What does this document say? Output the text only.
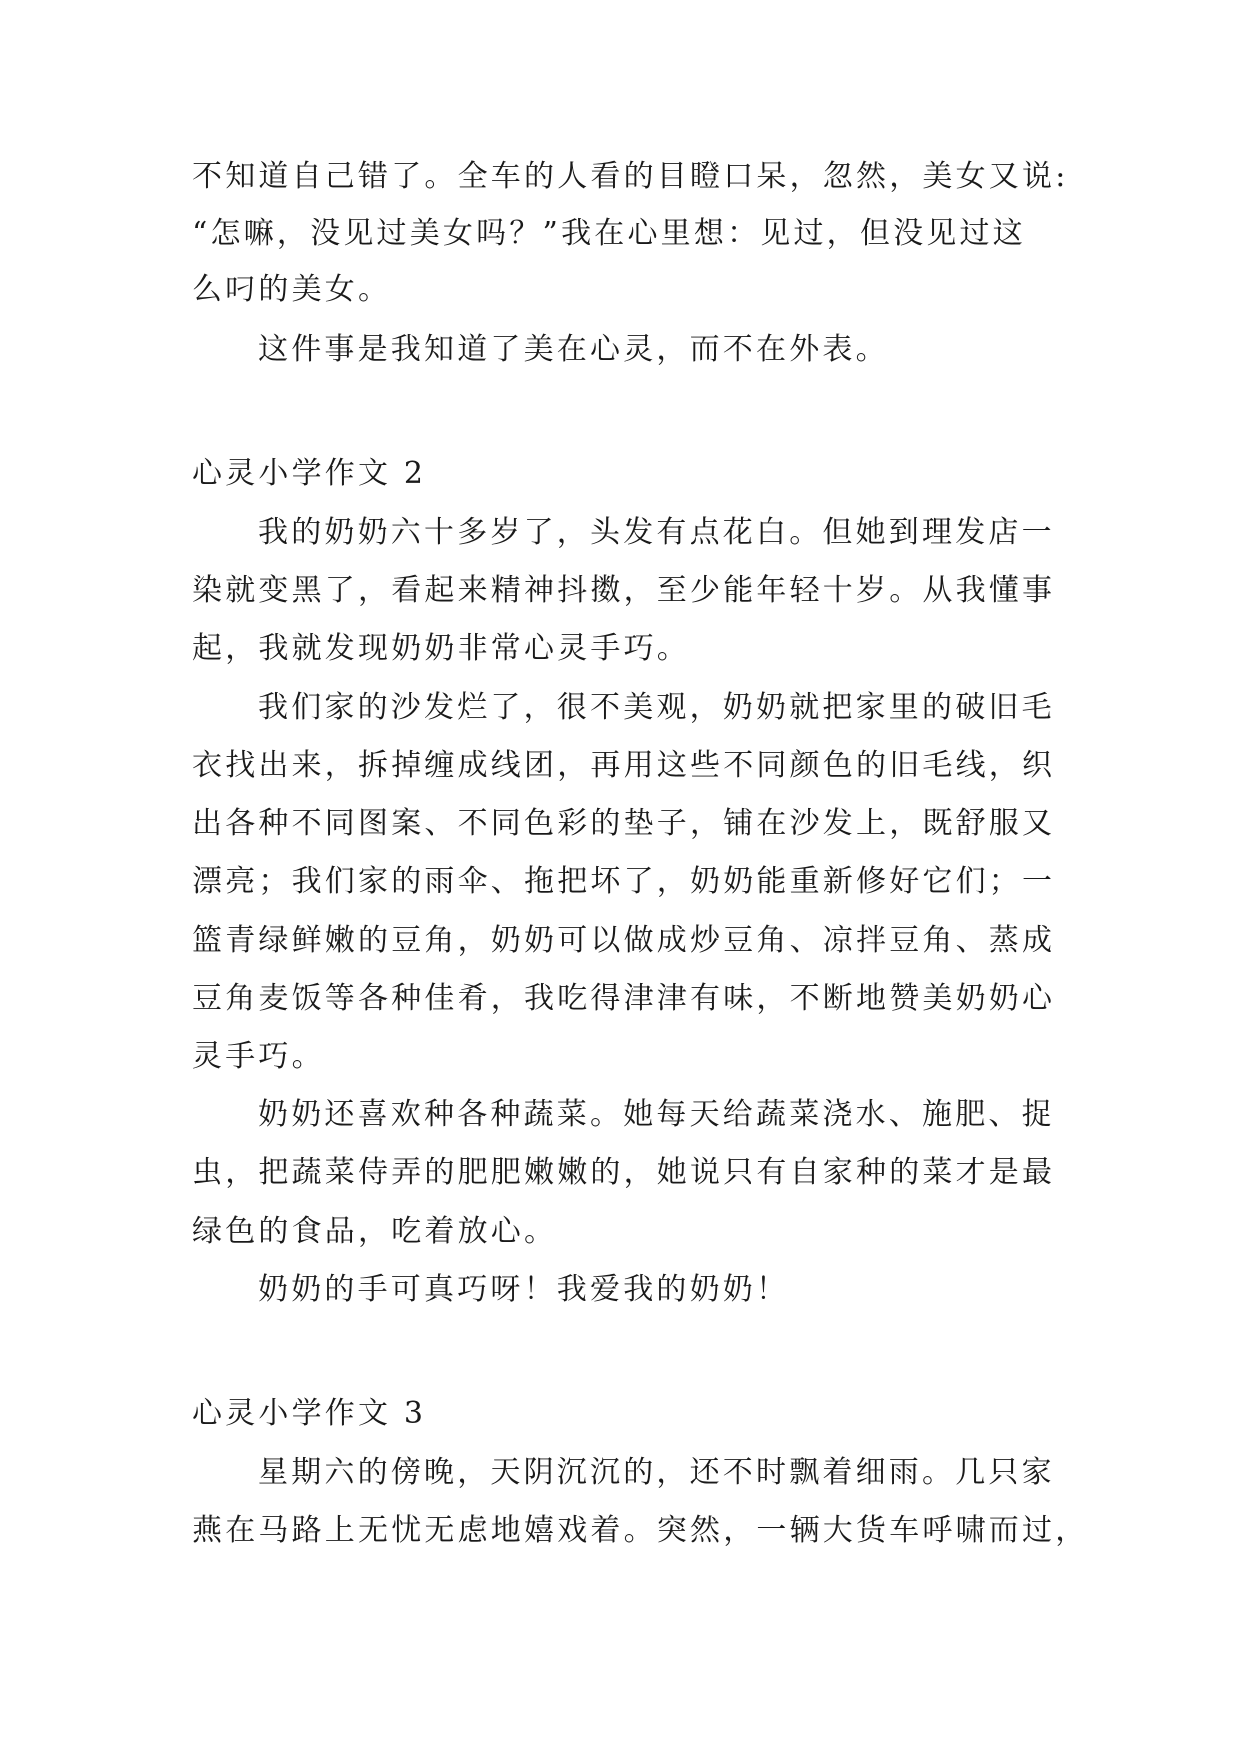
不知道自己错了。全车的人看的目瞪口呆，忽然，美女又说:
“怎嘛，没见过美女吗？”我在心里想：见过，但没见过这
么叼的美女。
这件事是我知道了美在心灵，而不在外表。
心灵小学作文 2
我的奶奶六十多岁了，头发有点花白。但她到理发店一
染就变黑了，看起来精神抖擞，至少能年轻十岁。从我懂事
起，我就发现奶奶非常心灵手巧。
我们家的沙发烂了，很不美观，奶奶就把家里的破旧毛
衣找出来，拆掉缠成线团，再用这些不同颜色的旧毛线，织
出各种不同图案、不同色彩的垫子，铺在沙发上，既舒服又
漂亮；我们家的雨伞、拖把坏了，奶奶能重新修好它们；一
篮青绿鲜嫩的豆角，奶奶可以做成炒豆角、凉拌豆角、蒸成
豆角麦饭等各种佳肴，我吃得津津有味，不断地赞美奶奶心
灵手巧。
奶奶还喜欢种各种蔬菜。她每天给蔬菜浇水、施肥、捉
虫，把蔬菜侍弄的肥肥嫩嫩的，她说只有自家种的菜才是最
绿色的食品，吃着放心。
奶奶的手可真巧呀！我爱我的奶奶！
心灵小学作文 3
星期六的傍晚，天阴沉沉的，还不时飘着细雨。几只家
燕在马路上无忧无虑地嬉戏着。突然，一辆大货车呼啸而过，
